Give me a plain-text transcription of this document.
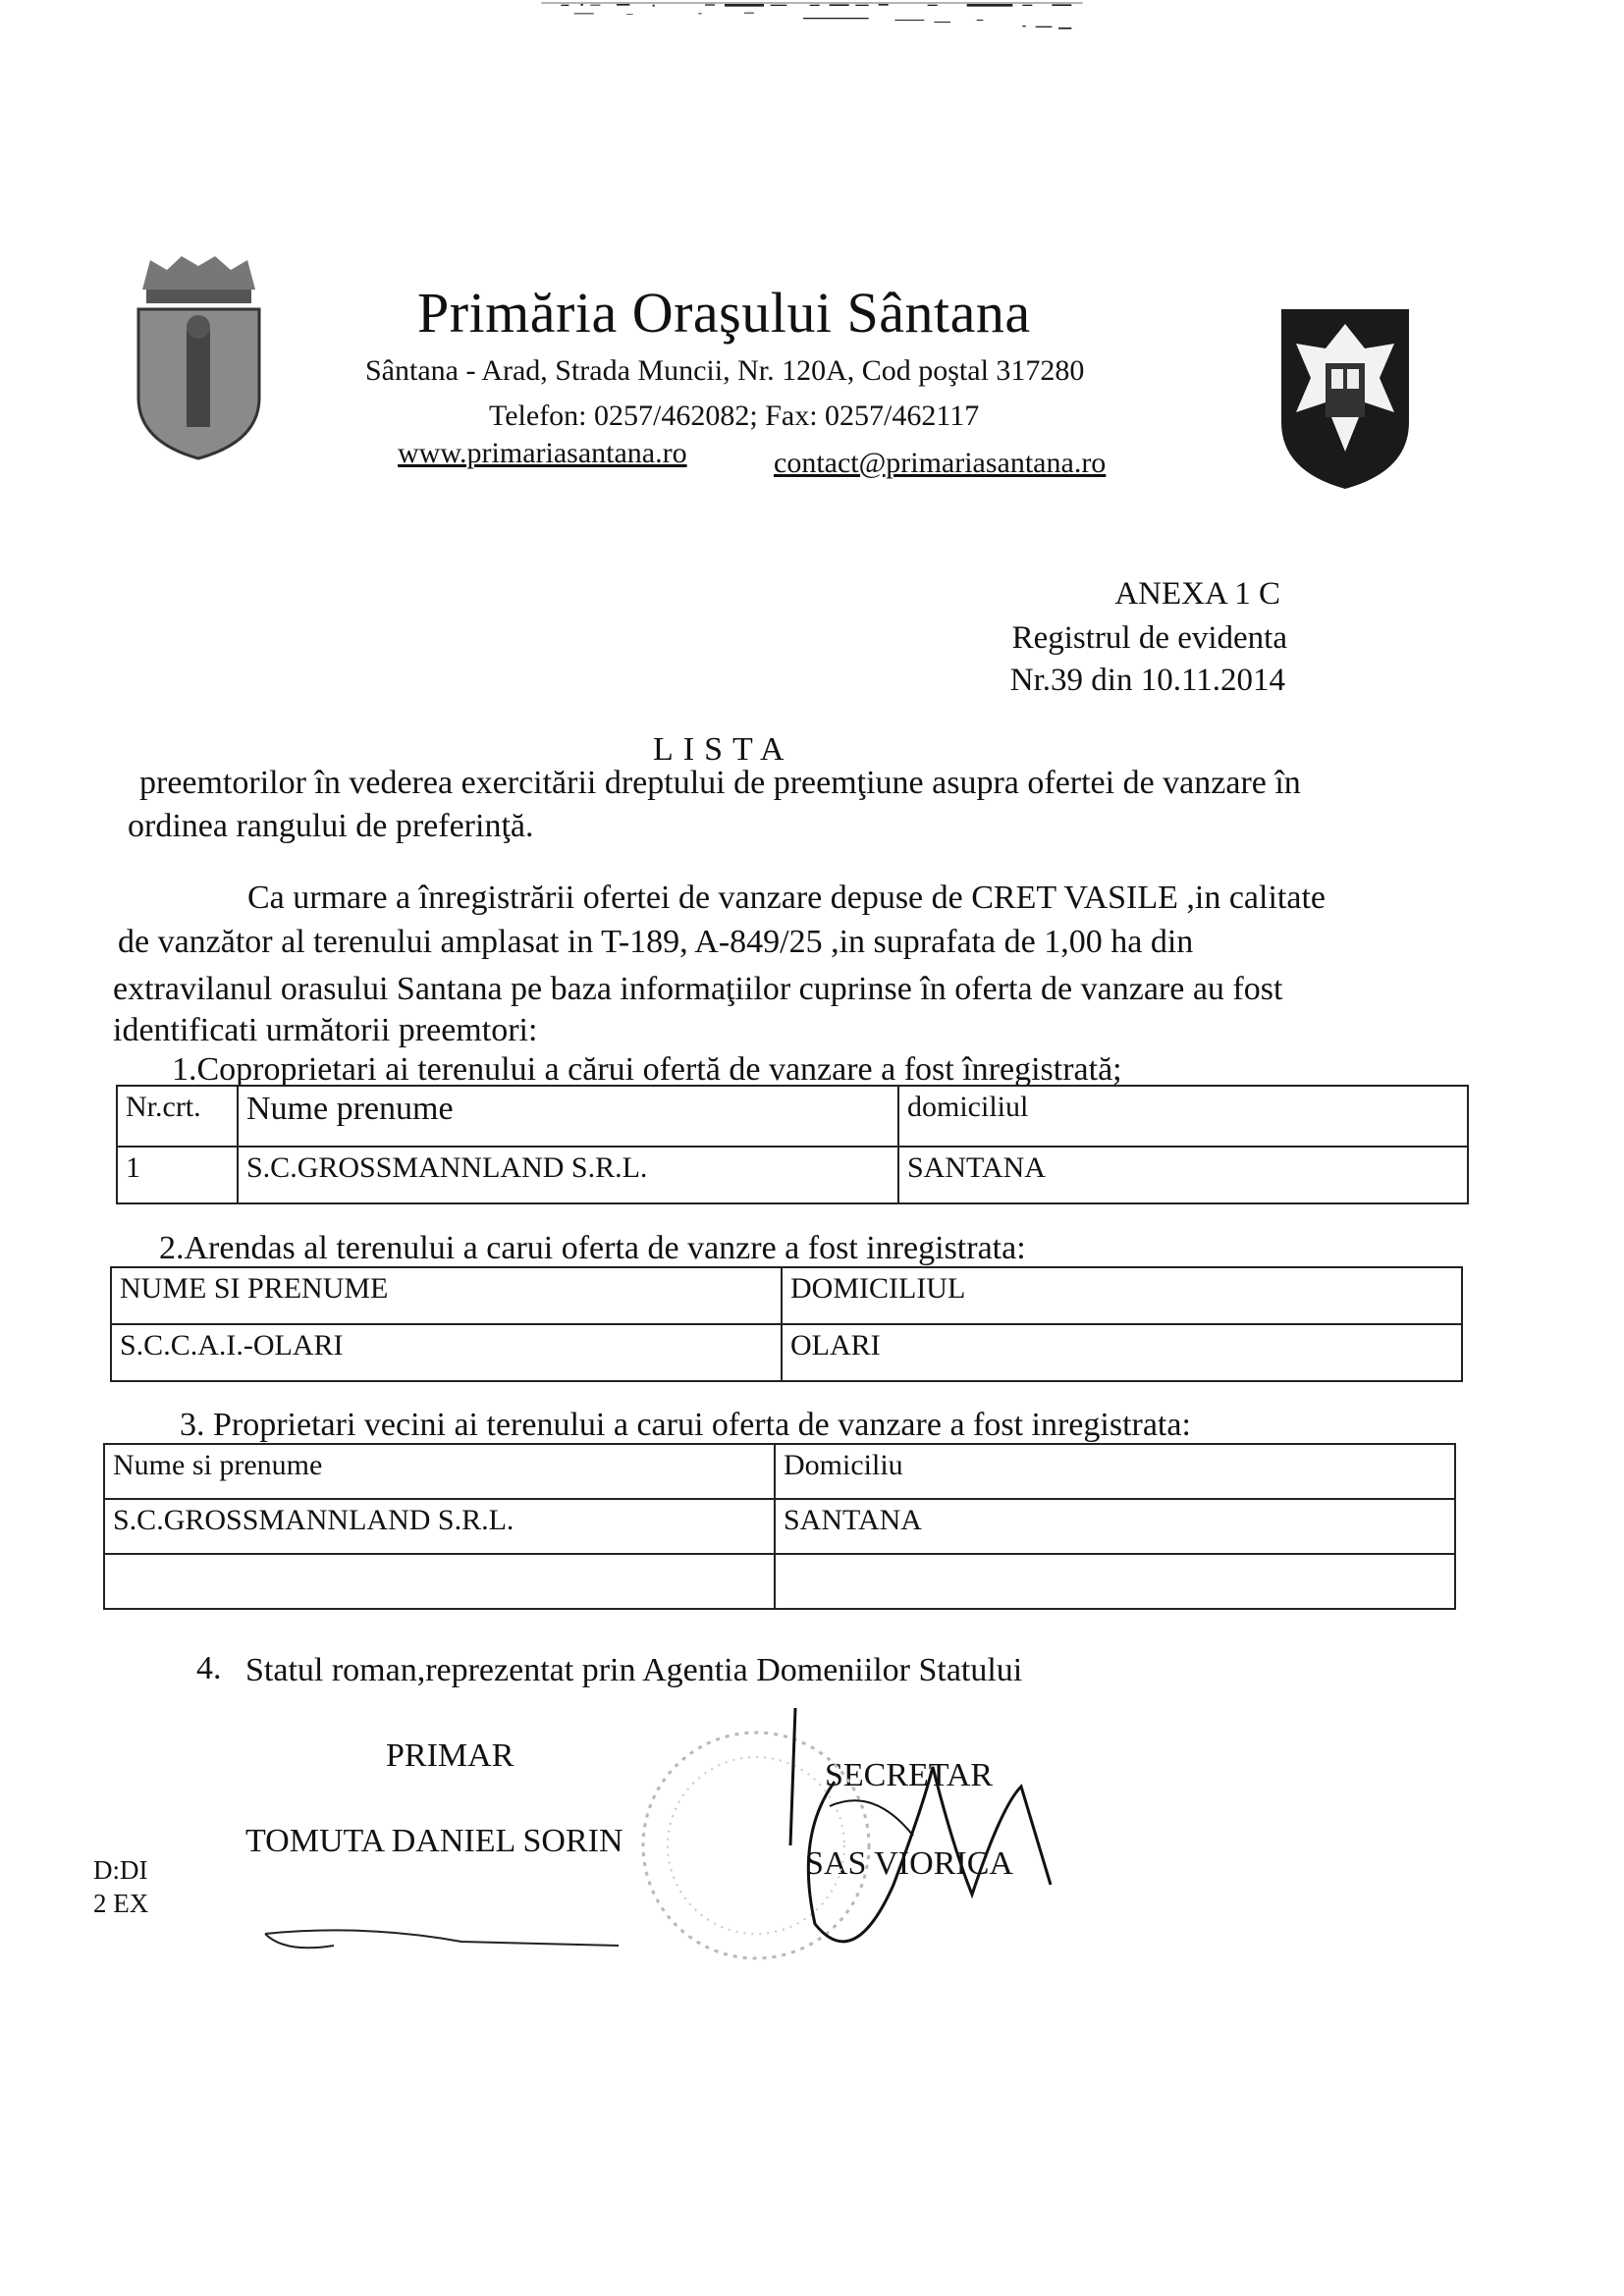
Primăria Oraşului Sântana
Sântana - Arad, Strada Muncii, Nr. 120A, Cod poştal 317280
Telefon: 0257/462082; Fax: 0257/462117
www.primariasantana.ro	contact@primariasantana.ro
ANEXA 1 C
Registrul de evidenta
Nr.39 din 10.11.2014
LISTA
preemtorilor în vederea exercitării dreptului de preemţiune asupra ofertei de vanzare în
ordinea rangului de preferinţă.
Ca urmare a înregistrării ofertei de vanzare depuse de CRET VASILE ,in calitate
de vanzător al terenului amplasat in T-189, A-849/25 ,in suprafata de 1,00 ha din
extravilanul orasului Santana pe baza informaţiilor cuprinse în oferta de vanzare au fost
identificati următorii preemtori:
1.Coproprietari ai terenului a cărui ofertă de vanzare a fost înregistrată;
Nr.crt.	Nume prenume	domiciliul
1	S.C.GROSSMANNLAND S.R.L.	SANTANA
2.Arendas al terenului a carui oferta de vanzre a fost inregistrata:
NUME SI PRENUME	DOMICILIUL
S.C.C.A.I.-OLARI	OLARI
3. Proprietari vecini ai terenului a carui oferta de vanzare a fost inregistrata:
Nume si prenume	Domiciliu
S.C.GROSSMANNLAND S.R.L.	SANTANA

4. Statul roman,reprezentat prin Agentia Domeniilor Statului
PRIMAR
TOMUTA DANIEL SORIN
SECRETAR
SAS VIORICA
D:DI
2 EX
